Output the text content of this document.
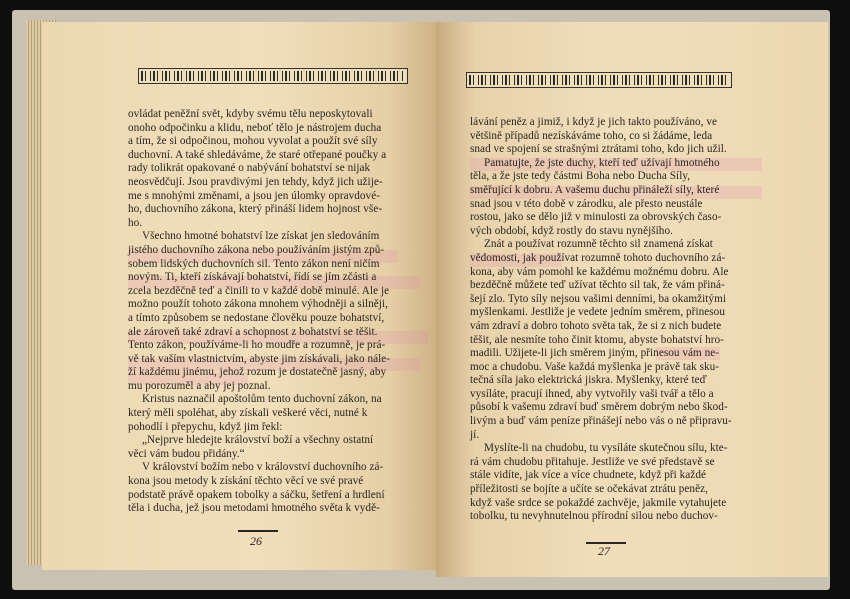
ovládat peněžní svět, kdyby svému tělu neposkytovali
onoho odpočinku a klidu, neboť tělo je nástrojem ducha
a tím, že si odpočinou, mohou vyvolat a použít své síly
duchovní. A také shledáváme, že staré otřepané poučky a
rady tolikrát opakované o nabývání bohatství se nijak
neosvědčují. Jsou pravdivými jen tehdy, když jich užije-
me s mnohými změnami, a jsou jen úlomky opravdové-
ho, duchovního zákona, který přináší lidem hojnost vše-
ho.
Všechno hmotné bohatství lze získat jen sledováním
jistého duchovního zákona nebo používáním jistým způ-
sobem lidských duchovních sil. Tento zákon není ničím
novým. Ti, kteří získávají bohatství, řídí se jím zčásti a
zcela bezděčně teď a činili to v každé době minulé. Ale je
možno použít tohoto zákona mnohem výhodněji a silněji,
a tímto způsobem se nedostane člověku pouze bohatství,
ale zároveň také zdraví a schopnost z bohatství se těšit.
Tento zákon, používáme-li ho moudře a rozumně, je prá-
vě tak vaším vlastnictvím, abyste jim získávali, jako nále-
ží každému jinému, jehož rozum je dostatečně jasný, aby
mu porozuměl a aby jej poznal.
Kristus naznačil apoštolům tento duchovní zákon, na
který měli spoléhat, aby získali veškeré věci, nutné k
pohodlí i přepychu, když jim řekl:
„Nejprve hledejte království boží a všechny ostatní
věci vám budou přidány.“
V království božím nebo v království duchovního zá-
kona jsou metody k získání těchto věcí ve své pravé
podstatě právě opakem tobolky a sáčku, šetření a hrdlení
těla i ducha, jež jsou metodami hmotného světa k vydě-
26
lávání peněz a jimiž, i když je jich takto používáno, ve
většině případů nezískáváme toho, co si žádáme, leda
snad ve spojení se strašnými ztrátami toho, kdo jich užil.
Pamatujte, že jste duchy, kteří teď užívají hmotného
těla, a že jste tedy částmi Boha nebo Ducha Síly,
směřující k dobru. A vašemu duchu přináleží síly, které
snad jsou v této době v zárodku, ale přesto neustále
rostou, jako se dělo již v minulosti za obrovských časo-
vých období, když rostly do stavu nynějšího.
Znát a používat rozumně těchto sil znamená získat
vědomosti, jak používat rozumně tohoto duchovního zá-
kona, aby vám pomohl ke každému možnému dobru. Ale
bezděčně můžete teď užívat těchto sil tak, že vám přiná-
šejí zlo. Tyto síly nejsou vašimi denními, ba okamžitými
myšlenkami. Jestliže je vedete jedním směrem, přinesou
vám zdraví a dobro tohoto světa tak, že si z nich budete
těšit, ale nesmíte toho činit ktomu, abyste bohatství hro-
madili. Užijete-li jich směrem jiným, přinesou vám ne-
moc a chudobu. Vaše každá myšlenka je právě tak sku-
tečná síla jako elektrická jiskra. Myšlenky, které teď
vysíláte, pracují ihned, aby vytvořily vaši tvář a tělo a
působí k vašemu zdraví buď směrem dobrým nebo škod-
livým a buď vám peníze přinášejí nebo vás o ně připravu-
jí.
Myslíte-li na chudobu, tu vysíláte skutečnou sílu, kte-
rá vám chudobu přitahuje. Jestliže ve své představě se
stále vidíte, jak více a více chudnete, když při každé
příležitosti se bojíte a učíte se očekávat ztrátu peněz,
když vaše srdce se pokaždé zachvěje, jakmile vytahujete
tobolku, tu nevyhnutelnou přírodní silou nebo duchov-
27
